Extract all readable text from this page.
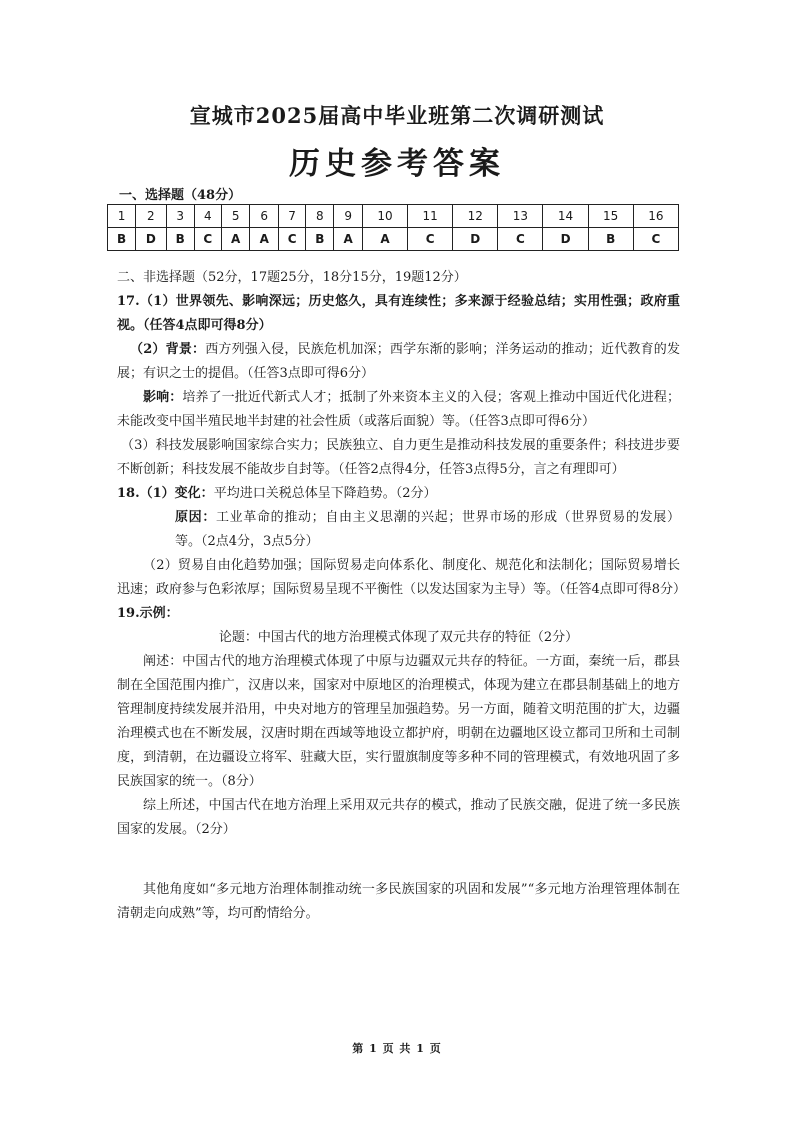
宣城市2025届高中毕业班第二次调研测试
历史参考答案
一、选择题（48分）
1	2	3	4	5	6	7	8	9	10	11	12	13	14	15	16
B	D	B	C	A	A	C	B	A	A	C	D	C	D	B	C

二、非选择题（52分，17题25分，18分15分，19题12分）

17.（1）世界领先、影响深远；历史悠久，具有连续性；多来源于经验总结；实用性强；政府重视。（任答4点即可得8分）

（2）背景：西方列强入侵，民族危机加深；西学东渐的影响；洋务运动的推动；近代教育的发展；有识之士的提倡。（任答3点即可得6分）

影响：培养了一批近代新式人才；抵制了外来资本主义的入侵；客观上推动中国近代化进程；未能改变中国半殖民地半封建的社会性质（或落后面貌）等。（任答3点即可得6分）

（3）科技发展影响国家综合实力；民族独立、自力更生是推动科技发展的重要条件；科技进步要不断创新；科技发展不能故步自封等。（任答2点得4分，任答3点得5分，言之有理即可）

18.（1）变化：平均进口关税总体呈下降趋势。（2分）

原因：工业革命的推动；自由主义思潮的兴起；世界市场的形成（世界贸易的发展）等。（2点4分，3点5分）

（2）贸易自由化趋势加强；国际贸易走向体系化、制度化、规范化和法制化；国际贸易增长迅速；政府参与色彩浓厚；国际贸易呈现不平衡性（以发达国家为主导）等。（任答4点即可得8分）

19.示例：

论题：中国古代的地方治理模式体现了双元共存的特征（2分）

阐述：中国古代的地方治理模式体现了中原与边疆双元共存的特征。一方面，秦统一后，郡县制在全国范围内推广，汉唐以来，国家对中原地区的治理模式，体现为建立在郡县制基础上的地方管理制度持续发展并沿用，中央对地方的管理呈加强趋势。另一方面，随着文明范围的扩大，边疆治理模式也在不断发展，汉唐时期在西域等地设立都护府，明朝在边疆地区设立都司卫所和土司制度，到清朝，在边疆设立将军、驻藏大臣，实行盟旗制度等多种不同的管理模式，有效地巩固了多民族国家的统一。（8分）

综上所述，中国古代在地方治理上采用双元共存的模式，推动了民族交融，促进了统一多民族国家的发展。（2分）

其他角度如“多元地方治理体制推动统一多民族国家的巩固和发展”“多元地方治理管理体制在清朝走向成熟”等，均可酌情给分。

第 1 页 共 1 页
